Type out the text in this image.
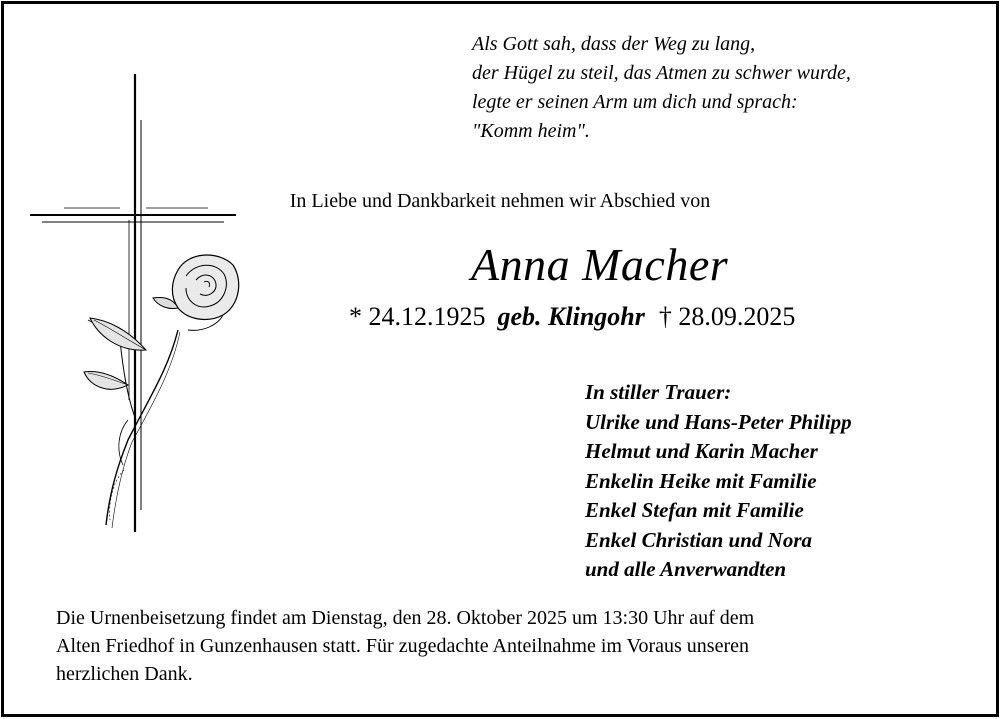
Als Gott sah, dass der Weg zu lang,
der Hügel zu steil, das Atmen zu schwer wurde,
legte er seinen Arm um dich und sprach:
"Komm heim".
In Liebe und Dankbarkeit nehmen wir Abschied von
Anna Macher
* 24.12.1925 geb. Klingohr † 28.09.2025
In stiller Trauer:
Ulrike und Hans-Peter Philipp
Helmut und Karin Macher
Enkelin Heike mit Familie
Enkel Stefan mit Familie
Enkel Christian und Nora
und alle Anverwandten
Die Urnenbeisetzung findet am Dienstag, den 28. Oktober 2025 um 13:30 Uhr auf dem
Alten Friedhof in Gunzenhausen statt. Für zugedachte Anteilnahme im Voraus unseren
herzlichen Dank.
